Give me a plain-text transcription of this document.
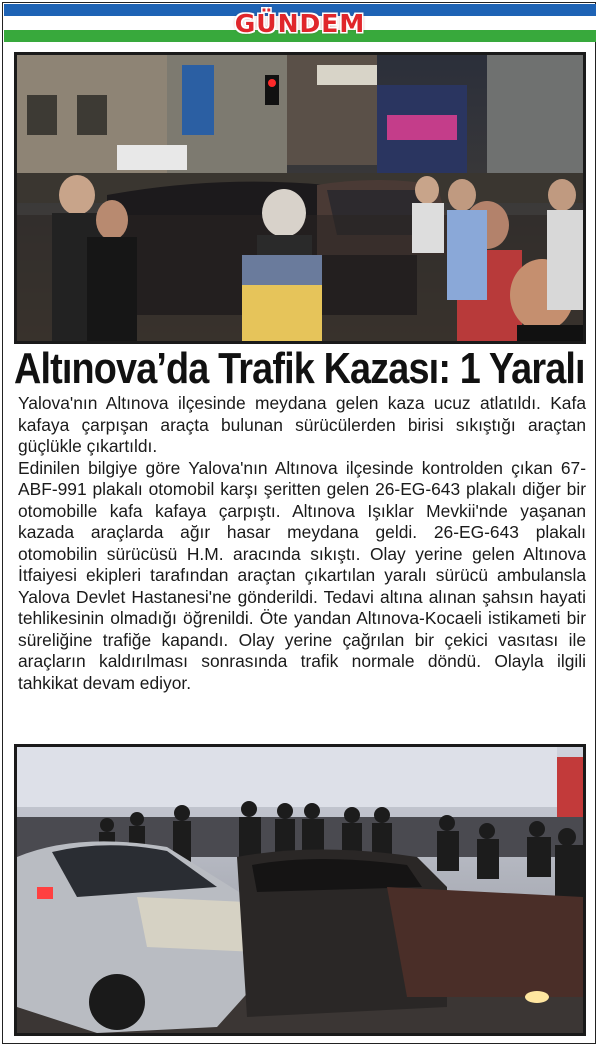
GÜNDEM
Altınova’da Trafik Kazası: 1 Yaralı

Yalova'nın Altınova ilçesinde meydana gelen kaza ucuz atlatıldı. Kafa kafaya çarpışan araçta bulunan sürücülerden birisi sıkıştığı araçtan güçlükle çıkartıldı.

Edinilen bilgiye göre Yalova'nın Altınova ilçesinde kontrolden çıkan 67-ABF-991 plakalı otomobil karşı şeritten gelen 26-EG-643 plakalı diğer bir otomobille kafa kafaya çarpıştı. Altınova Işıklar Mevkii'nde yaşanan kazada araçlarda ağır hasar meydana geldi. 26-EG-643 plakalı otomobilin sürücüsü H.M. aracında sıkıştı. Olay yerine gelen Altınova İtfaiyesi ekipleri tarafından araçtan çıkartılan yaralı sürücü ambulansla Yalova Devlet Hastanesi'ne gönderildi. Tedavi altına alınan şahsın hayati tehlikesinin olmadığı öğrenildi. Öte yandan Altınova-Kocaeli istikameti bir süreliğine trafiğe kapandı. Olay yerine çağrılan bir çekici vasıtası ile araçların kaldırılması sonrasında trafik normale döndü. Olayla ilgili tahkikat devam ediyor.
